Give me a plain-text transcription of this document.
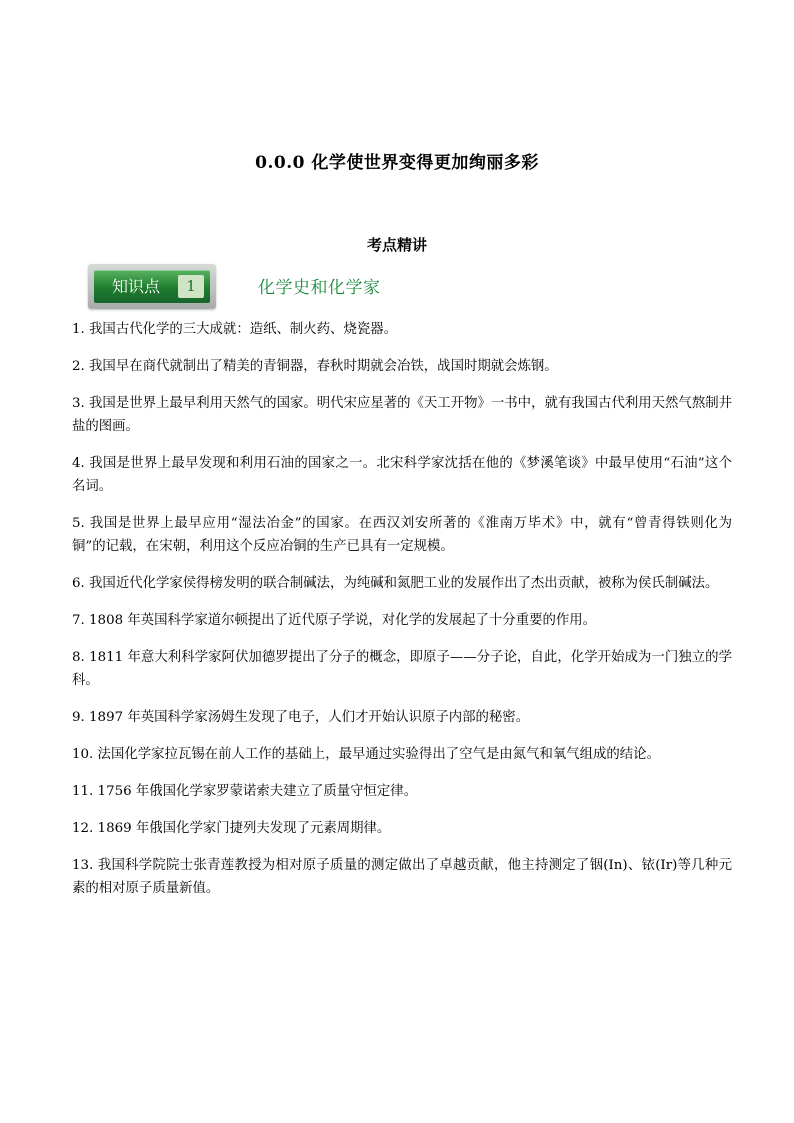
0.0.0 化学使世界变得更加绚丽多彩
考点精讲
知识点	1	化学史和化学家

1. 我国古代化学的三大成就：造纸、制火药、烧瓷器。

2. 我国早在商代就制出了精美的青铜器，春秋时期就会冶铁，战国时期就会炼钢。

3. 我国是世界上最早利用天然气的国家。明代宋应星著的《天工开物》一书中，就有我国古代利用天然气熬制井盐的图画。

4. 我国是世界上最早发现和利用石油的国家之一。北宋科学家沈括在他的《梦溪笔谈》中最早使用“石油”这个名词。

5. 我国是世界上最早应用“湿法冶金”的国家。在西汉刘安所著的《淮南万毕术》中，就有“曾青得铁则化为铜”的记载，在宋朝，利用这个反应冶铜的生产已具有一定规模。

6. 我国近代化学家侯得榜发明的联合制碱法，为纯碱和氮肥工业的发展作出了杰出贡献，被称为侯氏制碱法。

7. 1808 年英国科学家道尔顿提出了近代原子学说，对化学的发展起了十分重要的作用。

8. 1811 年意大利科学家阿伏加德罗提出了分子的概念，即原子——分子论，自此，化学开始成为一门独立的学科。

9. 1897 年英国科学家汤姆生发现了电子，人们才开始认识原子内部的秘密。

10. 法国化学家拉瓦锡在前人工作的基础上，最早通过实验得出了空气是由氮气和氧气组成的结论。

11. 1756 年俄国化学家罗蒙诺索夫建立了质量守恒定律。

12. 1869 年俄国化学家门捷列夫发现了元素周期律。

13. 我国科学院院士张青莲教授为相对原子质量的测定做出了卓越贡献，他主持测定了铟(In)、铱(Ir)等几种元素的相对原子质量新值。
